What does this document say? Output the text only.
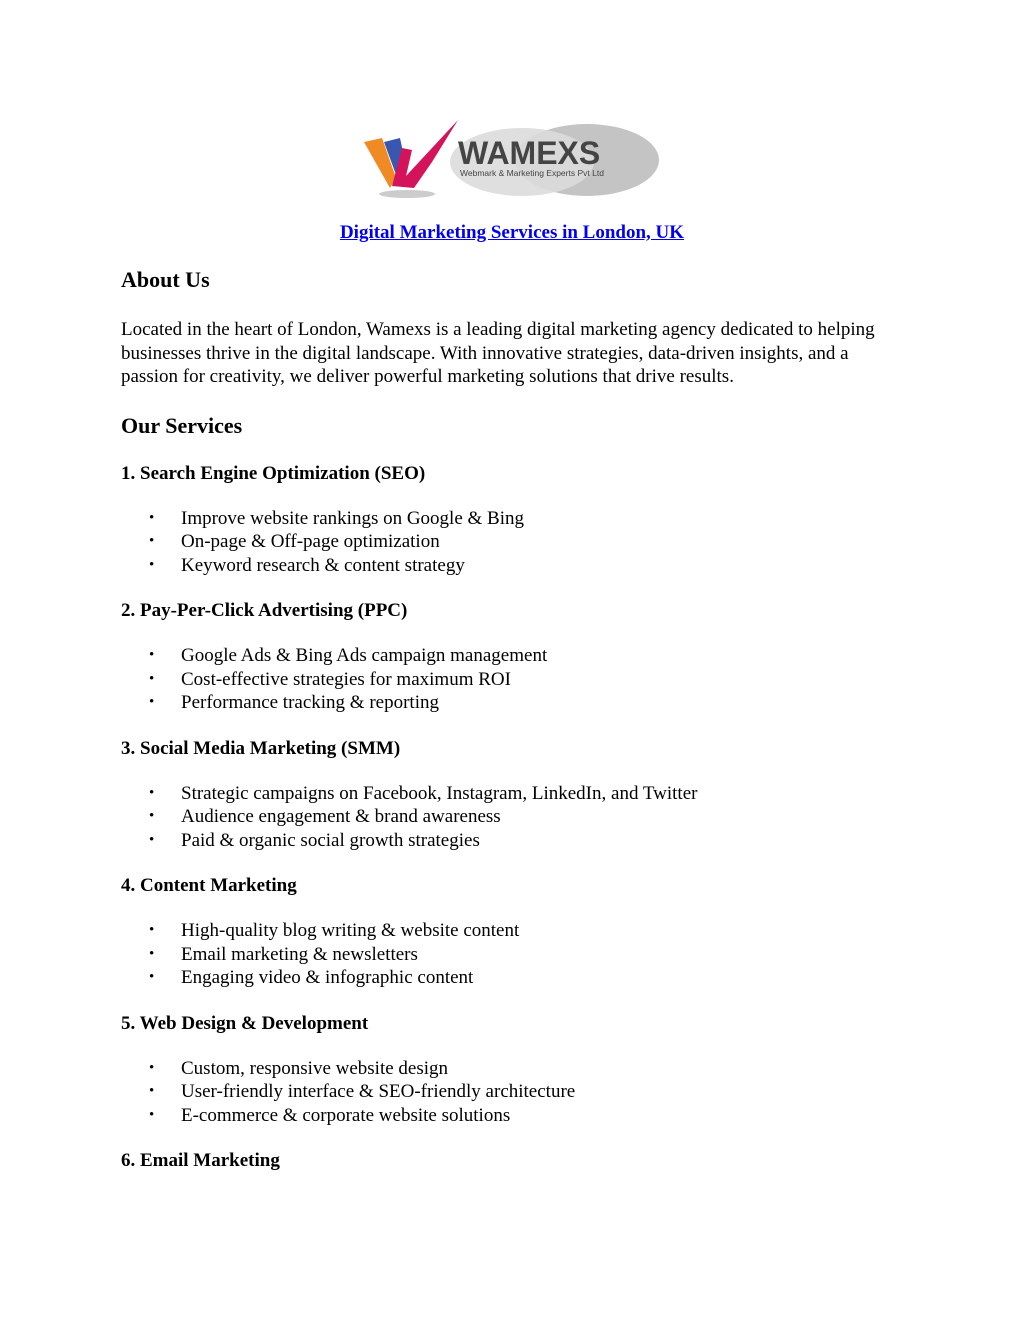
WAMEXS
Webmark & Marketing Experts Pvt Ltd
Digital Marketing Services in London, UK
About Us

Located in the heart of London, Wamexs is a leading digital marketing agency dedicated to helping businesses thrive in the digital landscape. With innovative strategies, data-driven insights, and a passion for creativity, we deliver powerful marketing solutions that drive results.

Our Services
1. Search Engine Optimization (SEO)
• Improve website rankings on Google & Bing
• On-page & Off-page optimization
• Keyword research & content strategy
2. Pay-Per-Click Advertising (PPC)
• Google Ads & Bing Ads campaign management
• Cost-effective strategies for maximum ROI
• Performance tracking & reporting
3. Social Media Marketing (SMM)
• Strategic campaigns on Facebook, Instagram, LinkedIn, and Twitter
• Audience engagement & brand awareness
• Paid & organic social growth strategies
4. Content Marketing
• High-quality blog writing & website content
• Email marketing & newsletters
• Engaging video & infographic content
5. Web Design & Development
• Custom, responsive website design
• User-friendly interface & SEO-friendly architecture
• E-commerce & corporate website solutions
6. Email Marketing
